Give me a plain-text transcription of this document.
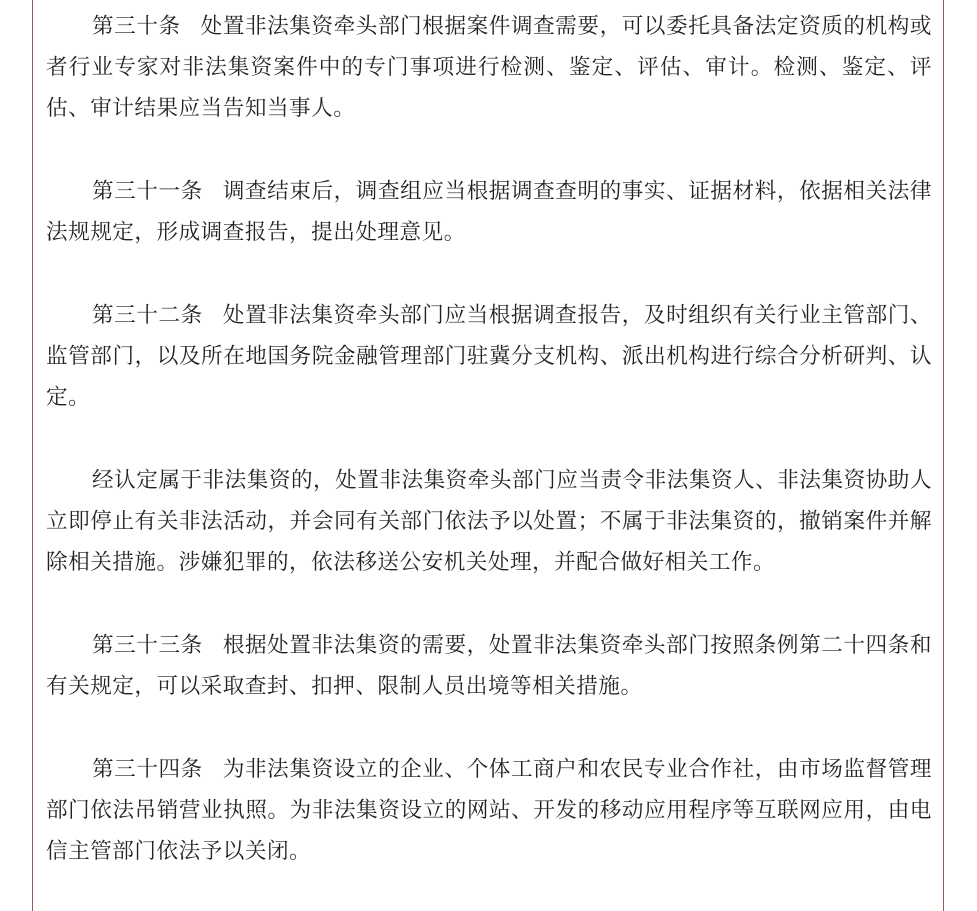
第三十条 处置非法集资牵头部门根据案件调查需要，可以委托具备法定资质的机构或者行业专家对非法集资案件中的专门事项进行检测、鉴定、评估、审计。检测、鉴定、评估、审计结果应当告知当事人。

第三十一条 调查结束后，调查组应当根据调查查明的事实、证据材料，依据相关法律法规规定，形成调查报告，提出处理意见。

第三十二条 处置非法集资牵头部门应当根据调查报告，及时组织有关行业主管部门、监管部门，以及所在地国务院金融管理部门驻冀分支机构、派出机构进行综合分析研判、认定。

经认定属于非法集资的，处置非法集资牵头部门应当责令非法集资人、非法集资协助人立即停止有关非法活动，并会同有关部门依法予以处置；不属于非法集资的，撤销案件并解除相关措施。涉嫌犯罪的，依法移送公安机关处理，并配合做好相关工作。

第三十三条 根据处置非法集资的需要，处置非法集资牵头部门按照条例第二十四条和有关规定，可以采取查封、扣押、限制人员出境等相关措施。

第三十四条 为非法集资设立的企业、个体工商户和农民专业合作社，由市场监督管理部门依法吊销营业执照。为非法集资设立的网站、开发的移动应用程序等互联网应用，由电信主管部门依法予以关闭。
